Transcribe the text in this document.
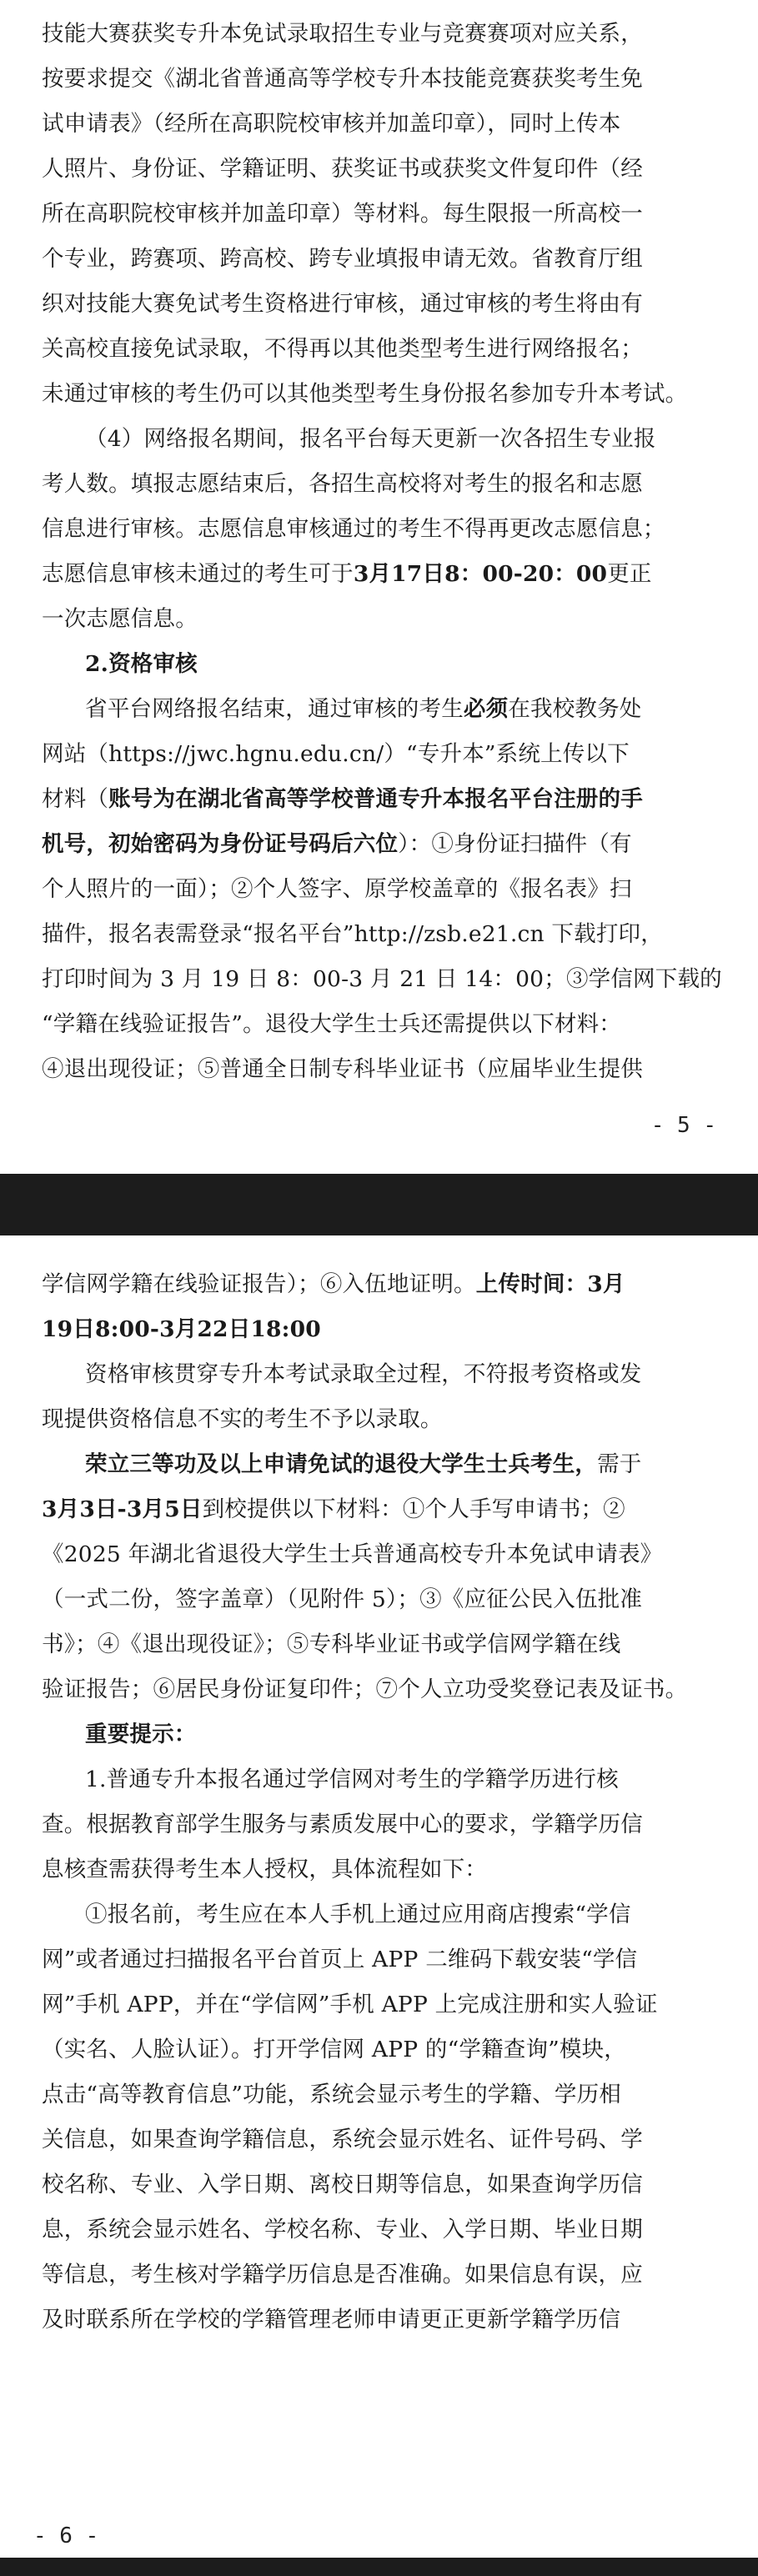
技能大赛获奖专升本免试录取招生专业与竞赛赛项对应关系，
按要求提交《湖北省普通高等学校专升本技能竞赛获奖考生免
试申请表》（经所在高职院校审核并加盖印章），同时上传本
人照片、身份证、学籍证明、获奖证书或获奖文件复印件（经
所在高职院校审核并加盖印章）等材料。每生限报一所高校一
个专业，跨赛项、跨高校、跨专业填报申请无效。省教育厅组
织对技能大赛免试考生资格进行审核，通过审核的考生将由有
关高校直接免试录取，不得再以其他类型考生进行网络报名；
未通过审核的考生仍可以其他类型考生身份报名参加专升本考试。
（4）网络报名期间，报名平台每天更新一次各招生专业报
考人数。填报志愿结束后，各招生高校将对考生的报名和志愿
信息进行审核。志愿信息审核通过的考生不得再更改志愿信息；
志愿信息审核未通过的考生可于3月17日8：00-20：00更正
一次志愿信息。
2.资格审核
省平台网络报名结束，通过审核的考生必须在我校教务处
网站（https://jwc.hgnu.edu.cn/）“专升本”系统上传以下
材料（账号为在湖北省高等学校普通专升本报名平台注册的手
机号，初始密码为身份证号码后六位）：①身份证扫描件（有
个人照片的一面）；②个人签字、原学校盖章的《报名表》扫
描件，报名表需登录“报名平台”http://zsb.e21.cn 下载打印，
打印时间为 3 月 19 日 8：00-3 月 21 日 14：00；③学信网下载的
“学籍在线验证报告”。退役大学生士兵还需提供以下材料：
④退出现役证；⑤普通全日制专科毕业证书（应届毕业生提供
- 5 -
学信网学籍在线验证报告）；⑥入伍地证明。上传时间：3月
19日8:00-3月22日18:00
资格审核贯穿专升本考试录取全过程，不符报考资格或发
现提供资格信息不实的考生不予以录取。
荣立三等功及以上申请免试的退役大学生士兵考生，需于
3月3日-3月5日到校提供以下材料：①个人手写申请书；②
《2025 年湖北省退役大学生士兵普通高校专升本免试申请表》
（一式二份，签字盖章）（见附件 5）；③《应征公民入伍批准
书》；④《退出现役证》；⑤专科毕业证书或学信网学籍在线
验证报告；⑥居民身份证复印件；⑦个人立功受奖登记表及证书。
重要提示：
1.普通专升本报名通过学信网对考生的学籍学历进行核
查。根据教育部学生服务与素质发展中心的要求，学籍学历信
息核查需获得考生本人授权，具体流程如下：
①报名前，考生应在本人手机上通过应用商店搜索“学信
网”或者通过扫描报名平台首页上 APP 二维码下载安装“学信
网”手机 APP，并在“学信网”手机 APP 上完成注册和实人验证
（实名、人脸认证）。打开学信网 APP 的“学籍查询”模块，
点击“高等教育信息”功能，系统会显示考生的学籍、学历相
关信息，如果查询学籍信息，系统会显示姓名、证件号码、学
校名称、专业、入学日期、离校日期等信息，如果查询学历信
息，系统会显示姓名、学校名称、专业、入学日期、毕业日期
等信息，考生核对学籍学历信息是否准确。如果信息有误，应
及时联系所在学校的学籍管理老师申请更正更新学籍学历信
- 6 -
